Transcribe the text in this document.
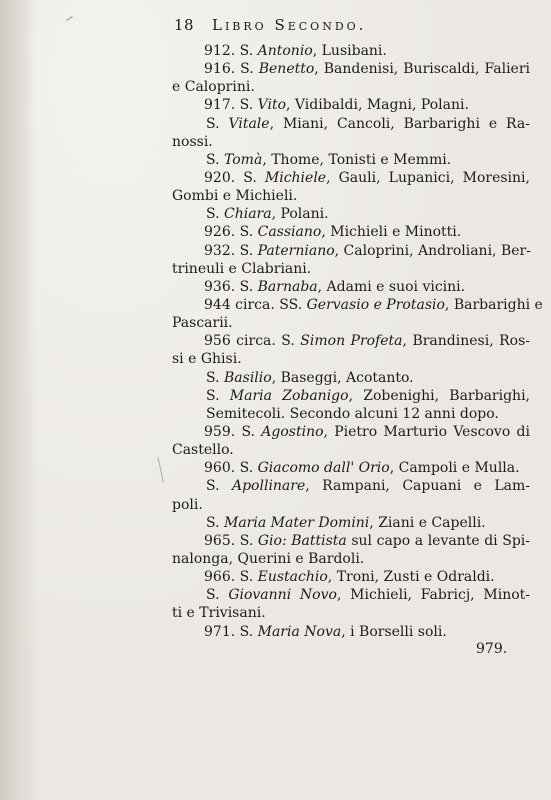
18 Libro Secondo.
912. S. Antonio, Lusibani.
916. S. Benetto, Bandenisi, Buriscaldi, Falieri
e Caloprini.
917. S. Vito, Vidibaldi, Magni, Polani.
S. Vitale, Miani, Cancoli, Barbarighi e Ra-
nossi.
S. Tomà, Thome, Tonisti e Memmi.
920. S. Michiele, Gauli, Lupanici, Moresini,
Gombi e Michieli.
S. Chiara, Polani.
926. S. Cassiano, Michieli e Minotti.
932. S. Paterniano, Caloprini, Androliani, Ber-
trineuli e Clabriani.
936. S. Barnaba, Adami e suoi vicini.
944 circa. SS. Gervasio e Protasio, Barbarighi e
Pascarii.
956 circa. S. Simon Profeta, Brandinesi, Ros-
si e Ghisi.
S. Basilio, Baseggi, Acotanto.
S. Maria Zobanigo, Zobenighi, Barbarighi,
Semitecoli. Secondo alcuni 12 anni dopo.
959. S. Agostino, Pietro Marturio Vescovo di
Castello.
960. S. Giacomo dall' Orio, Campoli e Mulla.
S. Apollinare, Rampani, Capuani e Lam-
poli.
S. Maria Mater Domini, Ziani e Capelli.
965. S. Gio: Battista sul capo a levante di Spi-
nalonga, Querini e Bardoli.
966. S. Eustachio, Troni, Zusti e Odraldi.
S. Giovanni Novo, Michieli, Fabricj, Minot-
ti e Trivisani.
971. S. Maria Nova, i Borselli soli.
979.
